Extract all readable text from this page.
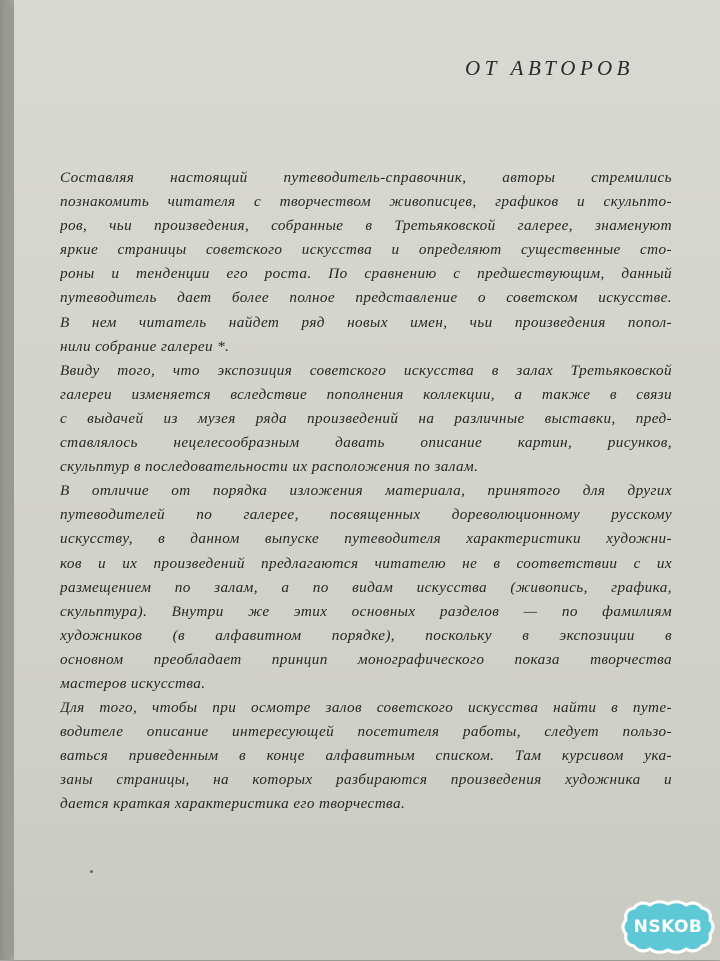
ОТ АВТОРОВ

Составляя настоящий путеводитель-справочник, авторы стремились
познакомить читателя с творчеством живописцев, графиков и скульпто-
ров, чьи произведения, собранные в Третьяковской галерее, знаменуют
яркие страницы советского искусства и определяют существенные сто-
роны и тенденции его роста. По сравнению с предшествующим, данный
путеводитель дает более полное представление о советском искусстве.
В нем читатель найдет ряд новых имен, чьи произведения попол-
нили собрание галереи *.

Ввиду того, что экспозиция советского искусства в залах Третьяковской
галереи изменяется вследствие пополнения коллекции, а также в связи
с выдачей из музея ряда произведений на различные выставки, пред-
ставлялось нецелесообразным давать описание картин, рисунков,
скульптур в последовательности их расположения по залам.

В отличие от порядка изложения материала, принятого для других
путеводителей по галерее, посвященных дореволюционному русскому
искусству, в данном выпуске путеводителя характеристики художни-
ков и их произведений предлагаются читателю не в соответствии с их
размещением по залам, а по видам искусства (живопись, графика,
скульптура). Внутри же этих основных разделов — по фамилиям
художников (в алфавитном порядке), поскольку в экспозиции в
основном преобладает принцип монографического показа творчества
мастеров искусства.

Для того, чтобы при осмотре залов советского искусства найти в путе-
водителе описание интересующей посетителя работы, следует пользо-
ваться приведенным в конце алфавитным списком. Там курсивом ука-
заны страницы, на которых разбираются произведения художника и
дается краткая характеристика его творчества.

NSKOB
